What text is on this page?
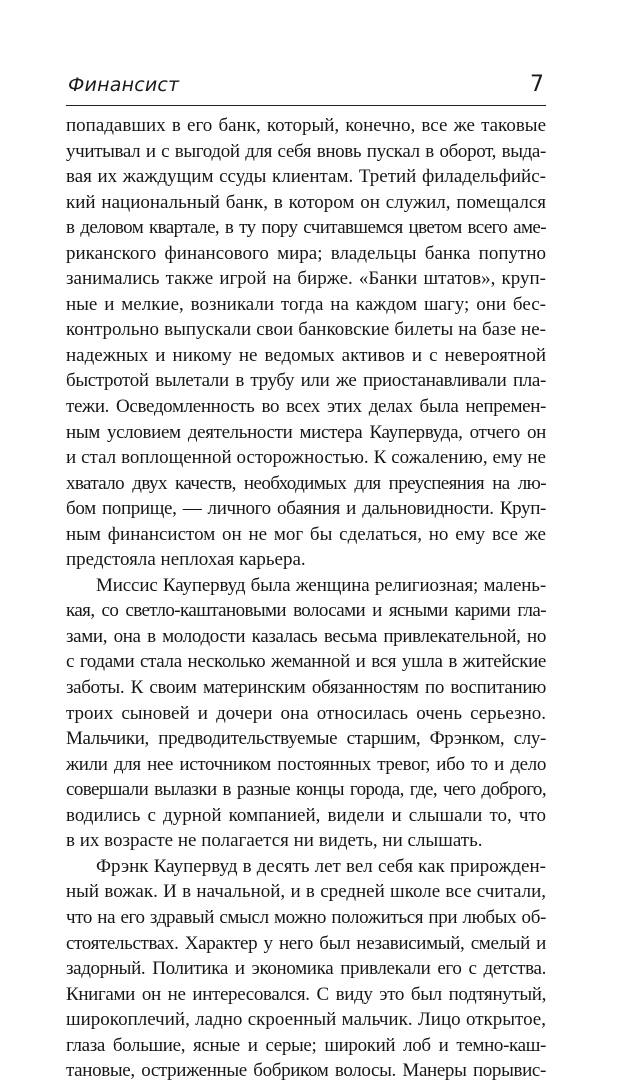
Финансист	7
попадавших в его банк, который, конечно, все же таковые
учитывал и с выгодой для себя вновь пускал в оборот, выда-
вая их жаждущим ссуды клиентам. Третий филадельфийс-
кий национальный банк, в котором он служил, помещался
в деловом квартале, в ту пору считавшемся цветом всего аме-
риканского финансового мира; владельцы банка попутно
занимались также игрой на бирже. «Банки штатов», круп-
ные и мелкие, возникали тогда на каждом шагу; они бес-
контрольно выпускали свои банковские билеты на базе не-
надежных и никому не ведомых активов и с невероятной
быстротой вылетали в трубу или же приостанавливали пла-
тежи. Осведомленность во всех этих делах была непремен-
ным условием деятельности мистера Каупервуда, отчего он
и стал воплощенной осторожностью. К сожалению, ему не
хватало двух качеств, необходимых для преуспеяния на лю-
бом поприще, — личного обаяния и дальновидности. Круп-
ным финансистом он не мог бы сделаться, но ему все же
предстояла неплохая карьера.
Миссис Каупервуд была женщина религиозная; малень-
кая, со светло-каштановыми волосами и ясными карими гла-
зами, она в молодости казалась весьма привлекательной, но
с годами стала несколько жеманной и вся ушла в житейские
заботы. К своим материнским обязанностям по воспитанию
троих сыновей и дочери она относилась очень серьезно.
Мальчики, предводительствуемые старшим, Фрэнком, слу-
жили для нее источником постоянных тревог, ибо то и дело
совершали вылазки в разные концы города, где, чего доброго,
водились с дурной компанией, видели и слышали то, что
в их возрасте не полагается ни видеть, ни слышать.
Фрэнк Каупервуд в десять лет вел себя как прирожден-
ный вожак. И в начальной, и в средней школе все считали,
что на его здравый смысл можно положиться при любых об-
стоятельствах. Характер у него был независимый, смелый и
задорный. Политика и экономика привлекали его с детства.
Книгами он не интересовался. С виду это был подтянутый,
широкоплечий, ладно скроенный мальчик. Лицо открытое,
глаза большие, ясные и серые; широкий лоб и темно-каш-
тановые, остриженные бобриком волосы. Манеры порывис-
